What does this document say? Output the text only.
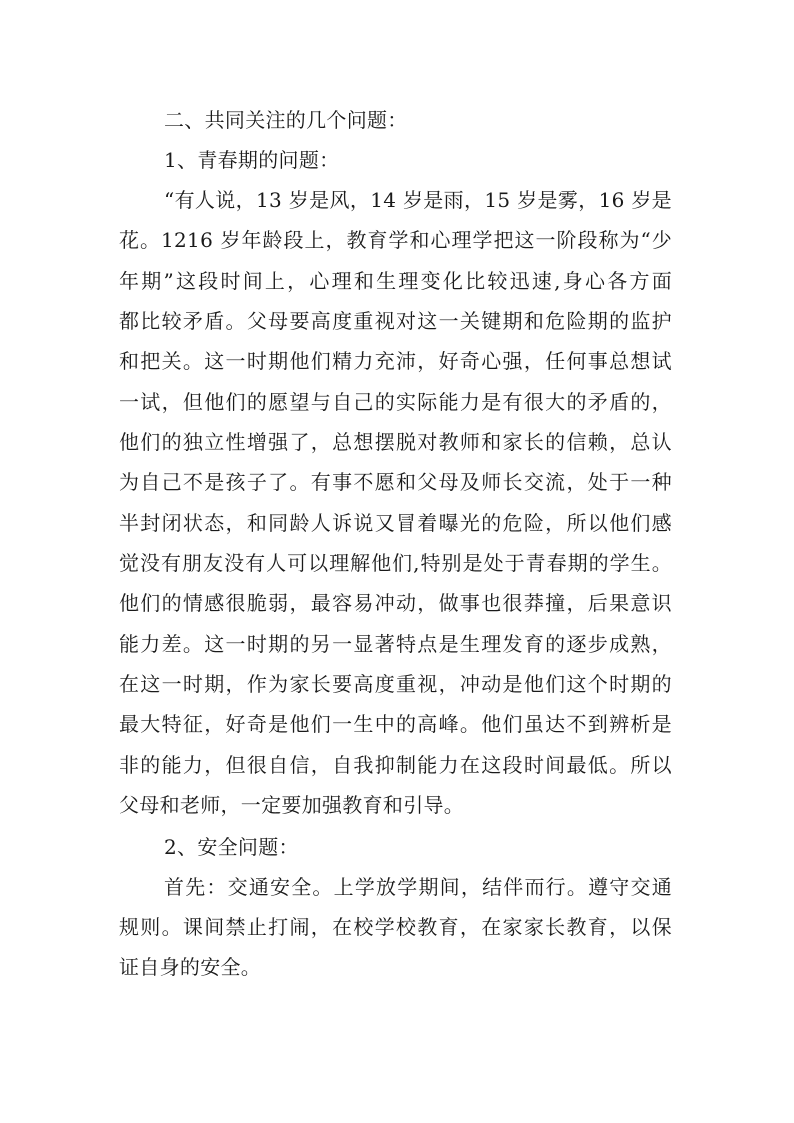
二、共同关注的几个问题：
1、青春期的问题：
“有人说，13 岁是风，14 岁是雨，15 岁是雾，16 岁是
花。1216 岁年龄段上，教育学和心理学把这一阶段称为“少
年期”这段时间上，心理和生理变化比较迅速,身心各方面
都比较矛盾。父母要高度重视对这一关键期和危险期的监护
和把关。这一时期他们精力充沛，好奇心强，任何事总想试
一试，但他们的愿望与自己的实际能力是有很大的矛盾的，
他们的独立性增强了，总想摆脱对教师和家长的信赖，总认
为自己不是孩子了。有事不愿和父母及师长交流，处于一种
半封闭状态，和同龄人诉说又冒着曝光的危险，所以他们感
觉没有朋友没有人可以理解他们,特别是处于青春期的学生。
他们的情感很脆弱，最容易冲动，做事也很莽撞，后果意识
能力差。这一时期的另一显著特点是生理发育的逐步成熟，
在这一时期，作为家长要高度重视，冲动是他们这个时期的
最大特征，好奇是他们一生中的高峰。他们虽达不到辨析是
非的能力，但很自信，自我抑制能力在这段时间最低。所以
父母和老师，一定要加强教育和引导。
2、安全问题：
首先：交通安全。上学放学期间，结伴而行。遵守交通
规则。课间禁止打闹，在校学校教育，在家家长教育，以保
证自身的安全。
